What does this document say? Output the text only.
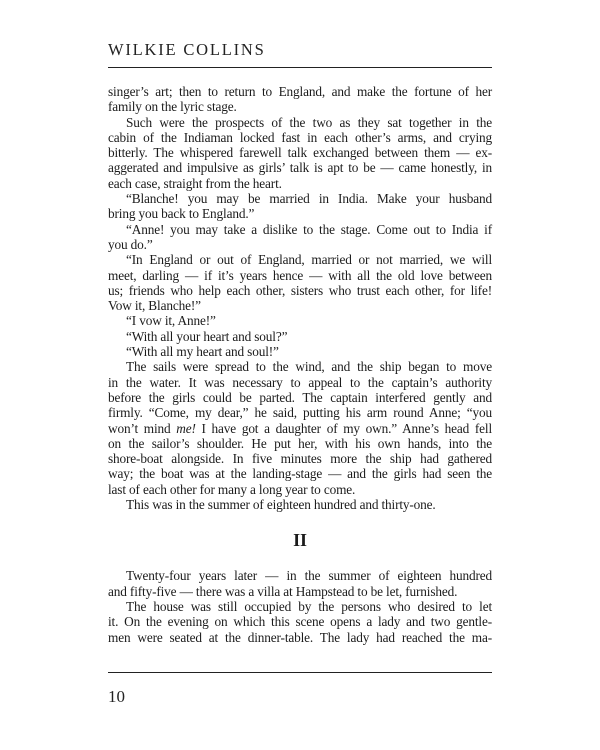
WILKIE COLLINS
singer’s art; then to return to England, and make the fortune of her
family on the lyric stage.
Such were the prospects of the two as they sat together in the
cabin of the Indiaman locked fast in each other’s arms, and crying
bitterly. The whispered farewell talk exchanged between them — ex-
aggerated and impulsive as girls’ talk is apt to be — came honestly, in
each case, straight from the heart.
“Blanche! you may be married in India. Make your husband
bring you back to England.”
“Anne! you may take a dislike to the stage. Come out to India if
you do.”
“In England or out of England, married or not married, we will
meet, darling — if it’s years hence — with all the old love between
us; friends who help each other, sisters who trust each other, for life!
Vow it, Blanche!”
“I vow it, Anne!”
“With all your heart and soul?”
“With all my heart and soul!”
The sails were spread to the wind, and the ship began to move
in the water. It was necessary to appeal to the captain’s authority
before the girls could be parted. The captain interfered gently and
firmly. “Come, my dear,” he said, putting his arm round Anne; “you
won’t mind me! I have got a daughter of my own.” Anne’s head fell
on the sailor’s shoulder. He put her, with his own hands, into the
shore-boat alongside. In five minutes more the ship had gathered
way; the boat was at the landing-stage — and the girls had seen the
last of each other for many a long year to come.
This was in the summer of eighteen hundred and thirty-one.
II
Twenty-four years later — in the summer of eighteen hundred
and fifty-five — there was a villa at Hampstead to be let, furnished.
The house was still occupied by the persons who desired to let
it. On the evening on which this scene opens a lady and two gentle-
men were seated at the dinner-table. The lady had reached the ma-
10
